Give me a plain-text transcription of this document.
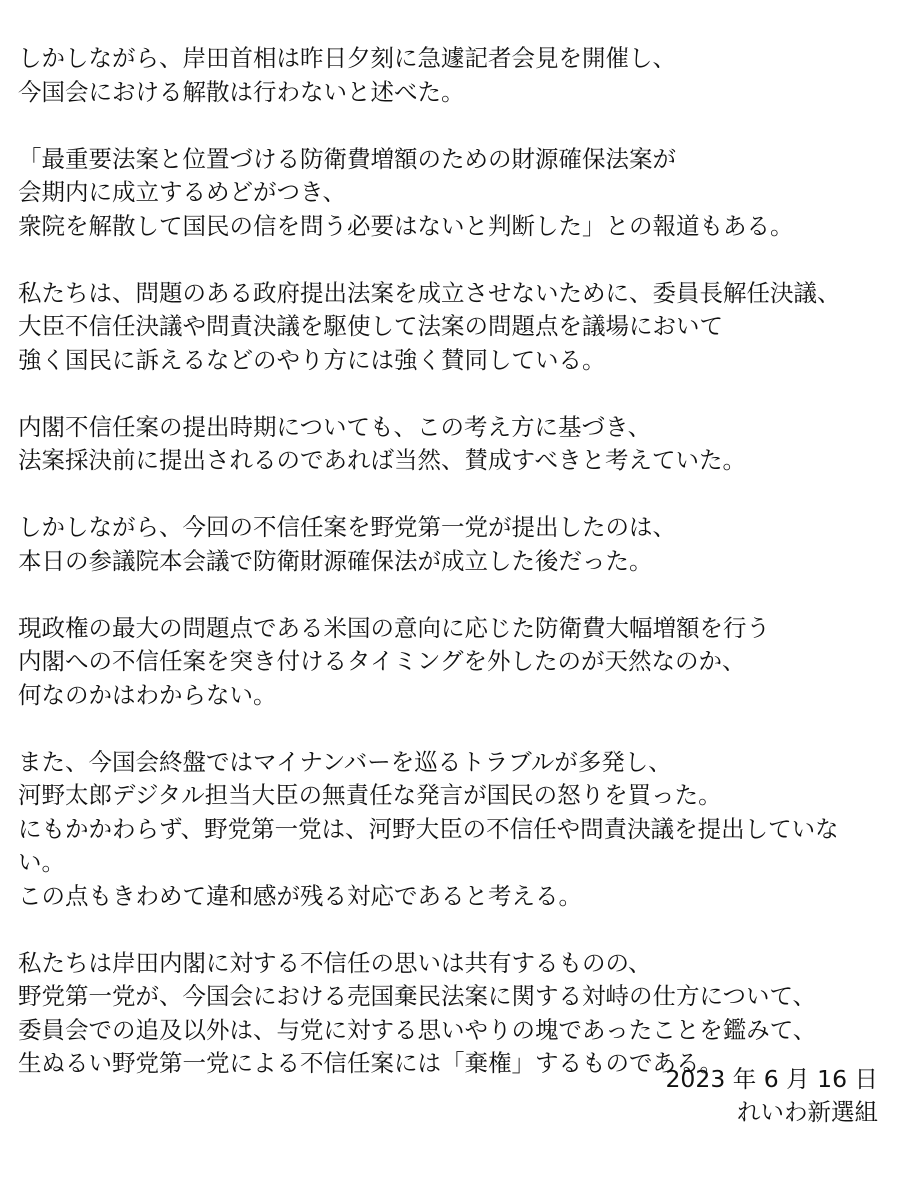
しかしながら、岸田首相は昨日夕刻に急遽記者会見を開催し、
今国会における解散は行わないと述べた。
「最重要法案と位置づける防衛費増額のための財源確保法案が
会期内に成立するめどがつき、
衆院を解散して国民の信を問う必要はないと判断した」との報道もある。
私たちは、問題のある政府提出法案を成立させないために、委員長解任決議、
大臣不信任決議や問責決議を駆使して法案の問題点を議場において
強く国民に訴えるなどのやり方には強く賛同している。
内閣不信任案の提出時期についても、この考え方に基づき、
法案採決前に提出されるのであれば当然、賛成すべきと考えていた。
しかしながら、今回の不信任案を野党第一党が提出したのは、
本日の参議院本会議で防衛財源確保法が成立した後だった。
現政権の最大の問題点である米国の意向に応じた防衛費大幅増額を行う
内閣への不信任案を突き付けるタイミングを外したのが天然なのか、
何なのかはわからない。
また、今国会終盤ではマイナンバーを巡るトラブルが多発し、
河野太郎デジタル担当大臣の無責任な発言が国民の怒りを買った。
にもかかわらず、野党第一党は、河野大臣の不信任や問責決議を提出していな
い。
この点もきわめて違和感が残る対応であると考える。
私たちは岸田内閣に対する不信任の思いは共有するものの、
野党第一党が、今国会における売国棄民法案に関する対峙の仕方について、
委員会での追及以外は、与党に対する思いやりの塊であったことを鑑みて、
生ぬるい野党第一党による不信任案には「棄権」するものである。
2023 年 6 月 16 日
れいわ新選組
